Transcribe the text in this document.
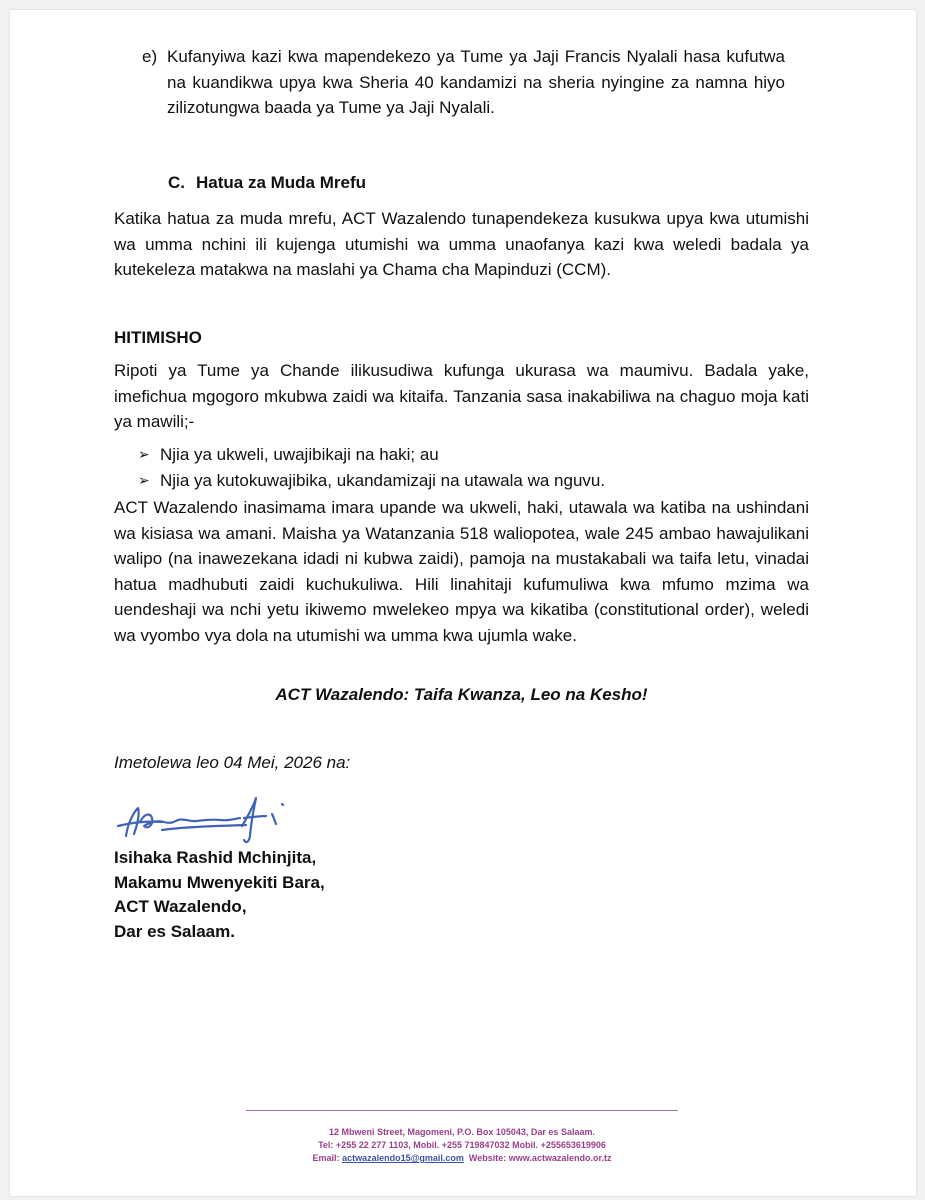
e) Kufanyiwa kazi kwa mapendekezo ya Tume ya Jaji Francis Nyalali hasa kufutwa na kuandikwa upya kwa Sheria 40 kandamizi na sheria nyingine za namna hiyo zilizotungwa baada ya Tume ya Jaji Nyalali.

C. Hatua za Muda Mrefu

Katika hatua za muda mrefu, ACT Wazalendo tunapendekeza kusukwa upya kwa utumishi wa umma nchini ili kujenga utumishi wa umma unaofanya kazi kwa weledi badala ya kutekeleza matakwa na maslahi ya Chama cha Mapinduzi (CCM).

HITIMISHO

Ripoti ya Tume ya Chande ilikusudiwa kufunga ukurasa wa maumivu. Badala yake, imefichua mgogoro mkubwa zaidi wa kitaifa. Tanzania sasa inakabiliwa na chaguo moja kati ya mawili;-

➢ Njia ya ukweli, uwajibikaji na haki; au
➢ Njia ya kutokuwajibika, ukandamizaji na utawala wa nguvu.

ACT Wazalendo inasimama imara upande wa ukweli, haki, utawala wa katiba na ushindani wa kisiasa wa amani. Maisha ya Watanzania 518 waliopotea, wale 245 ambao hawajulikani walipo (na inawezekana idadi ni kubwa zaidi), pamoja na mustakabali wa taifa letu, vinadai hatua madhubuti zaidi kuchukuliwa. Hili linahitaji kufumuliwa kwa mfumo mzima wa uendeshaji wa nchi yetu ikiwemo mwelekeo mpya wa kikatiba (constitutional order), weledi wa vyombo vya dola na utumishi wa umma kwa ujumla wake.

ACT Wazalendo: Taifa Kwanza, Leo na Kesho!

Imetolewa leo 04 Mei, 2026 na:

Isihaka Rashid Mchinjita,
Makamu Mwenyekiti Bara,
ACT Wazalendo,
Dar es Salaam.
12 Mbweni Street, Magomeni, P.O. Box 105043, Dar es Salaam.
Tel: +255 22 277 1103, Mobil. +255 719847032 Mobil. +255653619906
Email: actwazalendo15@gmail.com Website: www.actwazalendo.or.tz
